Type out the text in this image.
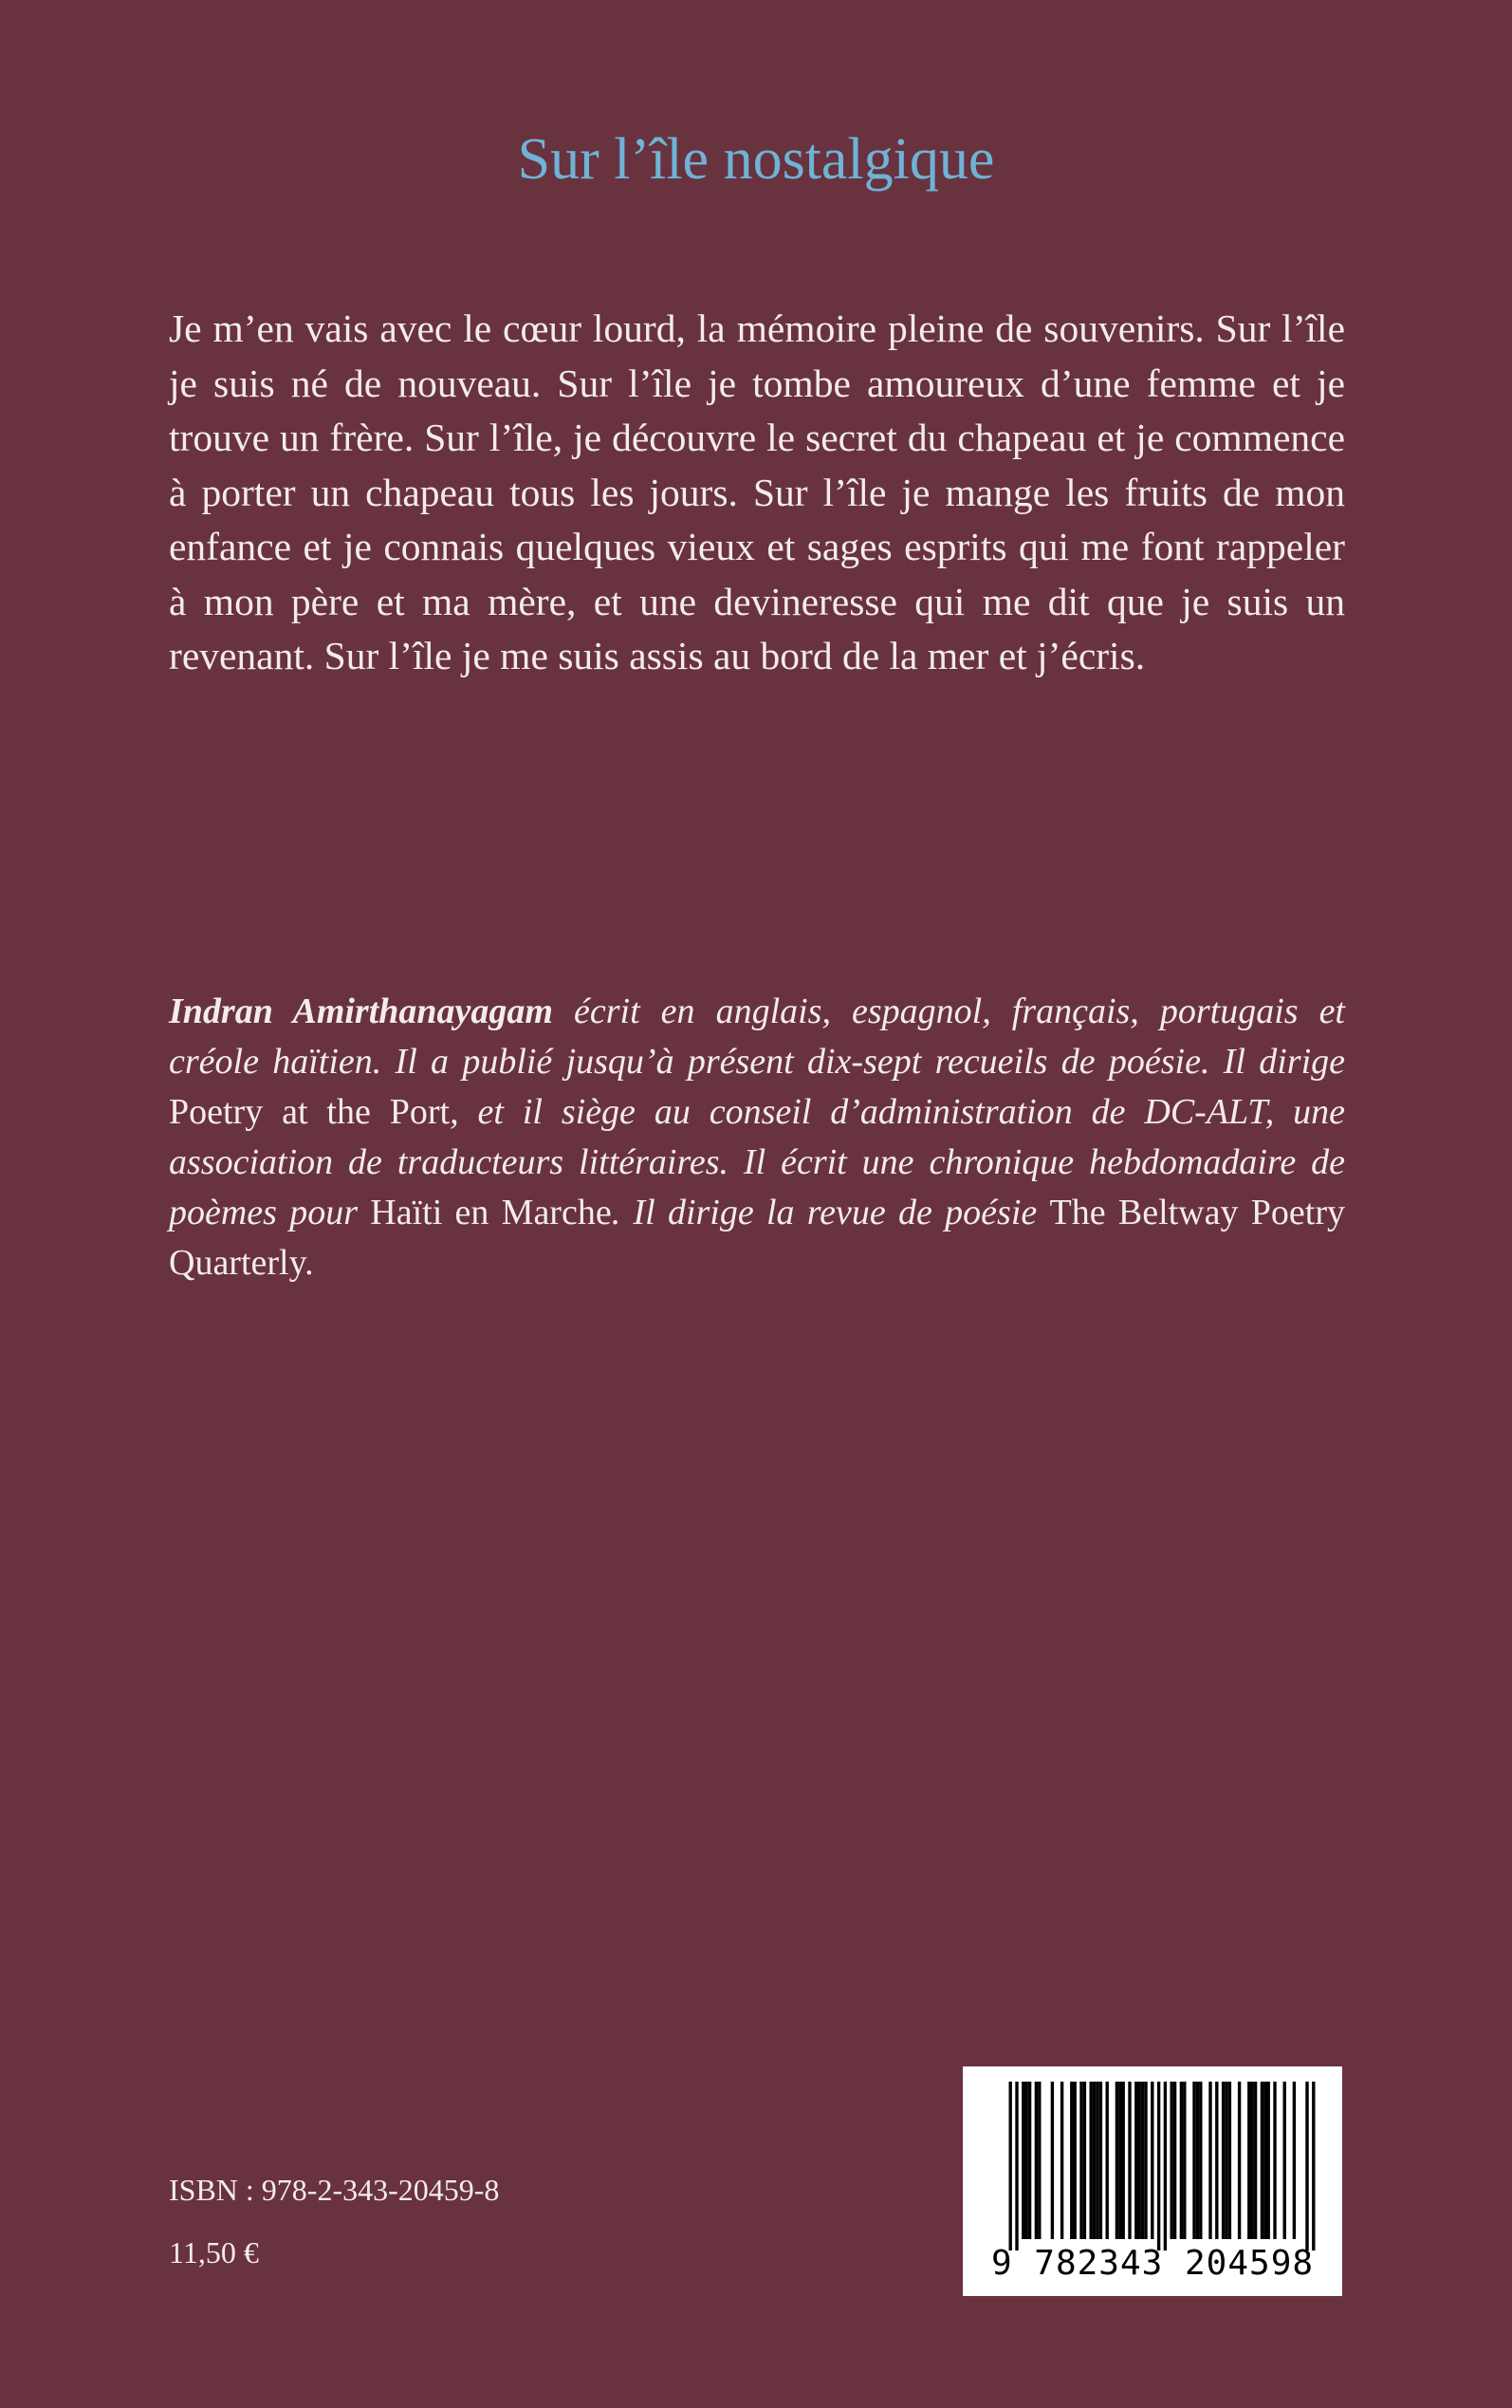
Sur l’île nostalgique

Je m’en vais avec le cœur lourd, la mémoire pleine de souvenirs. Sur l’île je suis né de nouveau. Sur l’île je tombe amoureux d’une femme et je trouve un frère. Sur l’île, je découvre le secret du chapeau et je commence à porter un chapeau tous les jours. Sur l’île je mange les fruits de mon enfance et je connais quelques vieux et sages esprits qui me font rappeler à mon père et ma mère, et une devineresse qui me dit que je suis un revenant. Sur l’île je me suis assis au bord de la mer et j’écris.

Indran Amirthanayagam écrit en anglais, espagnol, français, portugais et créole haïtien. Il a publié jusqu’à présent dix-sept recueils de poésie. Il dirige Poetry at the Port, et il siège au conseil d’administration de DC-ALT, une association de traducteurs littéraires. Il écrit une chronique hebdomadaire de poèmes pour Haïti en Marche. Il dirige la revue de poésie The Beltway Poetry Quarterly.

ISBN : 978-2-343-20459-8
11,50 €	9 782343 204598
